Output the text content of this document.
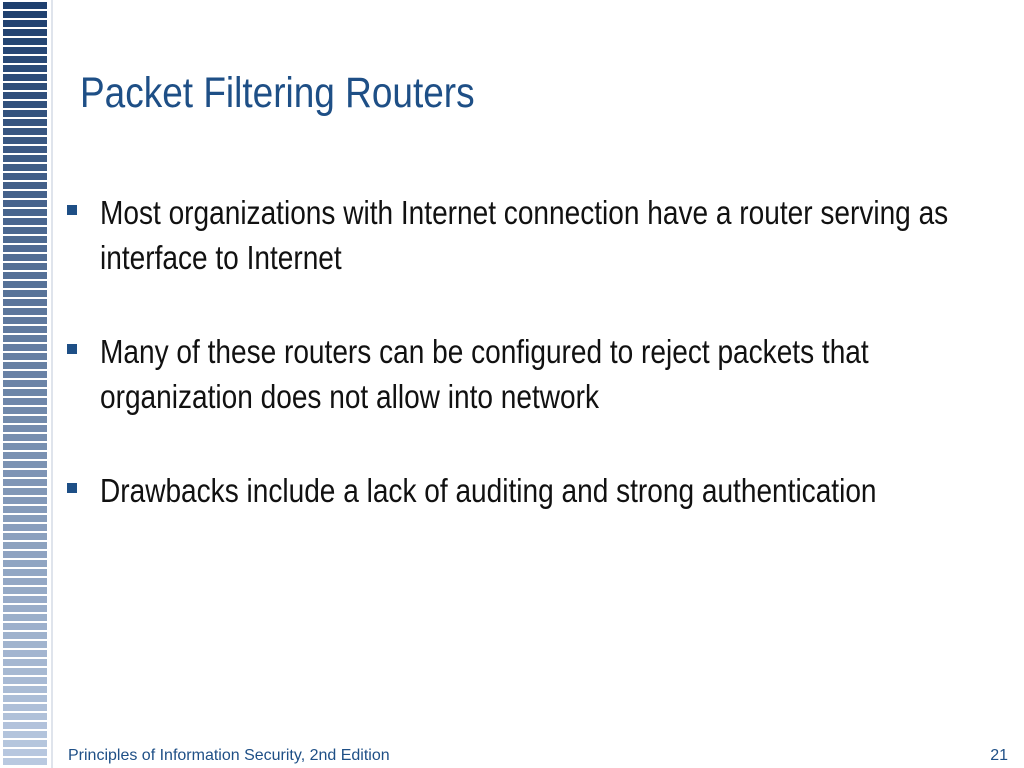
Packet Filtering Routers
Most organizations with Internet connection have a router serving as interface to Internet
Many of these routers can be configured to reject packets that organization does not allow into network
Drawbacks include a lack of auditing and strong authentication
Principles of Information Security, 2nd Edition	21
